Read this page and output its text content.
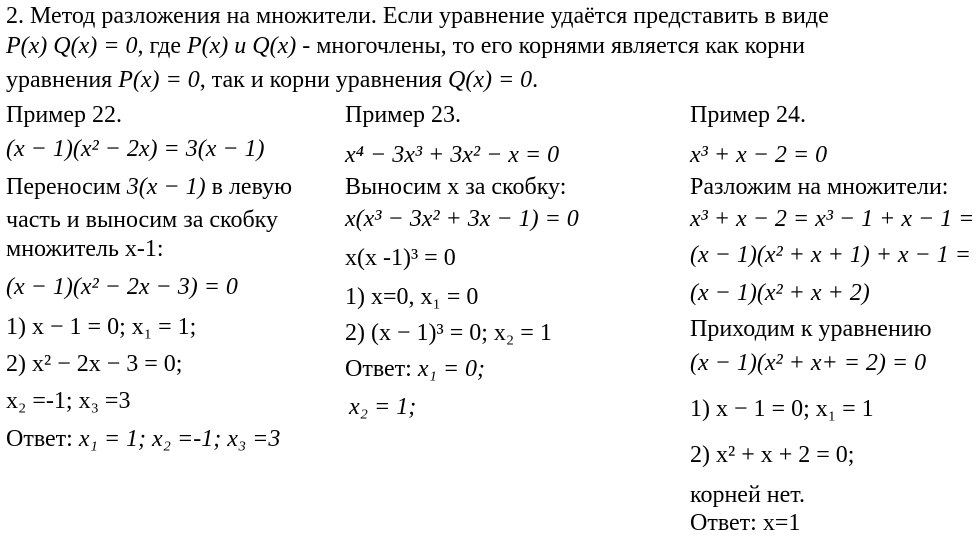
2. Метод разложения на множители. Если уравнение удаётся представить в виде
P(x) Q(x) = 0, где P(x) и Q(x) - многочлены, то его корнями является как корни
уравнения P(x) = 0, так и корни уравнения Q(x) = 0.
Пример 22.
(x − 1)(x² − 2x) = 3(x − 1)
Переносим 3(x − 1) в левую
часть и выносим за скобку
множитель x-1:
(x − 1)(x² − 2x − 3) = 0
1) x − 1 = 0; x₁ = 1;
2) x² − 2x − 3 = 0;
x₂ =-1; x₃ =3
Ответ: x₁ = 1; x₂ =-1; x₃ =3
Пример 23.
x⁴ − 3x³ + 3x² − x = 0
Выносим х за скобку:
x(x³ − 3x² + 3x − 1) = 0
x(x -1)³ = 0
1) x=0, x₁ = 0
2) (x − 1)³ = 0; x₂ = 1
Ответ: x₁ = 0;
x₂ = 1;
Пример 24.
x³ + x − 2 = 0
Разложим на множители:
x³ + x − 2 = x³ − 1 + x − 1 =
(x − 1)(x² + x + 1) + x − 1 =
(x − 1)(x² + x + 2)
Приходим к уравнению
(x − 1)(x² + x+ = 2) = 0
1) x − 1 = 0; x₁ = 1
2) x² + x + 2 = 0;
корней нет.
Ответ: x=1
